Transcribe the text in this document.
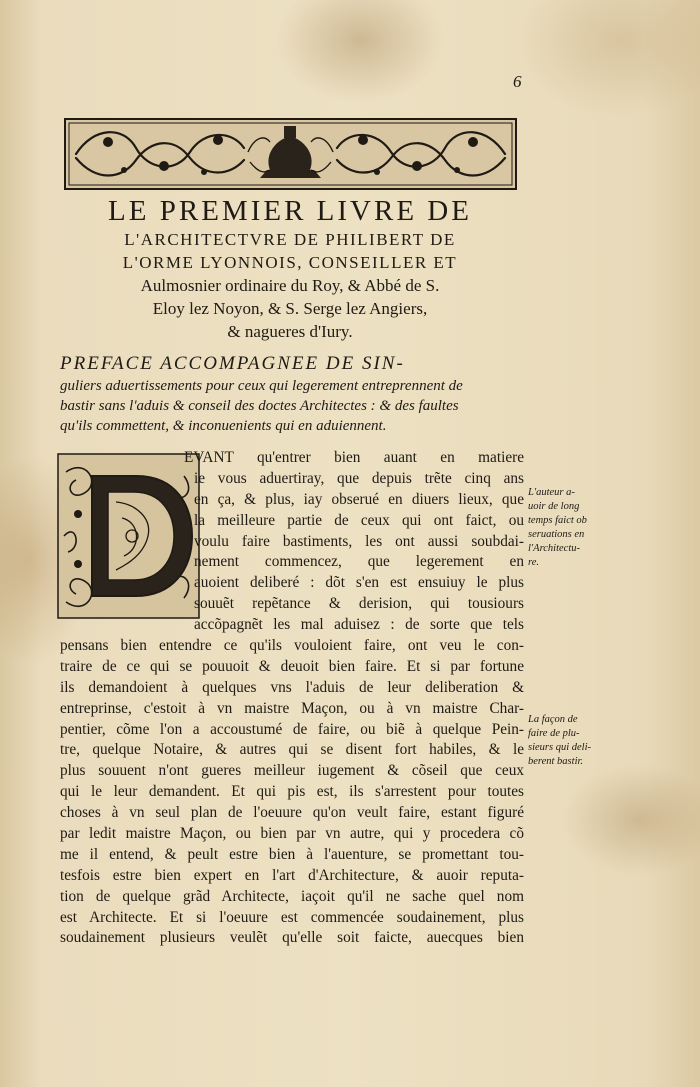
6

LE PREMIER LIVRE DE

L'ARCHITECTVRE DE PHILIBERT DE

L'ORME LYONNOIS, CONSEILLER ET

Aulmosnier ordinaire du Roy, & Abbé de S.

Eloy lez Noyon, & S. Serge lez Angiers,

& nagueres d'Iury.

PREFACE ACCOMPAGNEE DE SIN-
guliers aduertissements pour ceux qui legerement entreprennent de
bastir sans l'aduis & conseil des doctes Architectes : & des faultes
qu'ils commettent, & inconuenients qui en aduiennent.
EVANT qu'entrer bien auant en matiere
ie vous aduertiray, que depuis trẽte cinq ans
en ça, & plus, iay obserué en diuers lieux, que
la meilleure partie de ceux qui ont faict, ou
voulu faire bastiments, les ont aussi soubdai-
nement commencez, que legerement en
auoient deliberé : dõt s'en est ensuiuy le plus
souuẽt repẽtance & derision, qui tousiours
accõpagnẽt les mal aduisez : de sorte que tels
pensans bien entendre ce qu'ils vouloient faire, ont veu le con-
traire de ce qui se pouuoit & deuoit bien faire. Et si par fortune
ils demandoient à quelques vns l'aduis de leur deliberation &
entreprinse, c'estoit à vn maistre Maçon, ou à vn maistre Char-
pentier, cõme l'on a accoustumé de faire, ou biẽ à quelque Pein-
tre, quelque Notaire, & autres qui se disent fort habiles, & le
plus souuent n'ont gueres meilleur iugement & cõseil que ceux
qui le leur demandent. Et qui pis est, ils s'arrestent pour toutes
choses à vn seul plan de l'oeuure qu'on veult faire, estant figuré
par ledit maistre Maçon, ou bien par vn autre, qui y procedera cõ
me il entend, & peult estre bien à l'auenture, se promettant tou-
tesfois estre bien expert en l'art d'Architecture, & auoir reputa-
tion de quelque grãd Architecte, iaçoit qu'il ne sache quel nom
est Architecte. Et si l'oeuure est commencée soudainement, plus
soudainement plusieurs veulẽt qu'elle soit faicte, auecques bien
L'auteur a-
uoir de long
temps faict ob
seruations en
l'Architectu-
re.
La façon de
faire de plu-
sieurs qui deli-
berent bastir.
